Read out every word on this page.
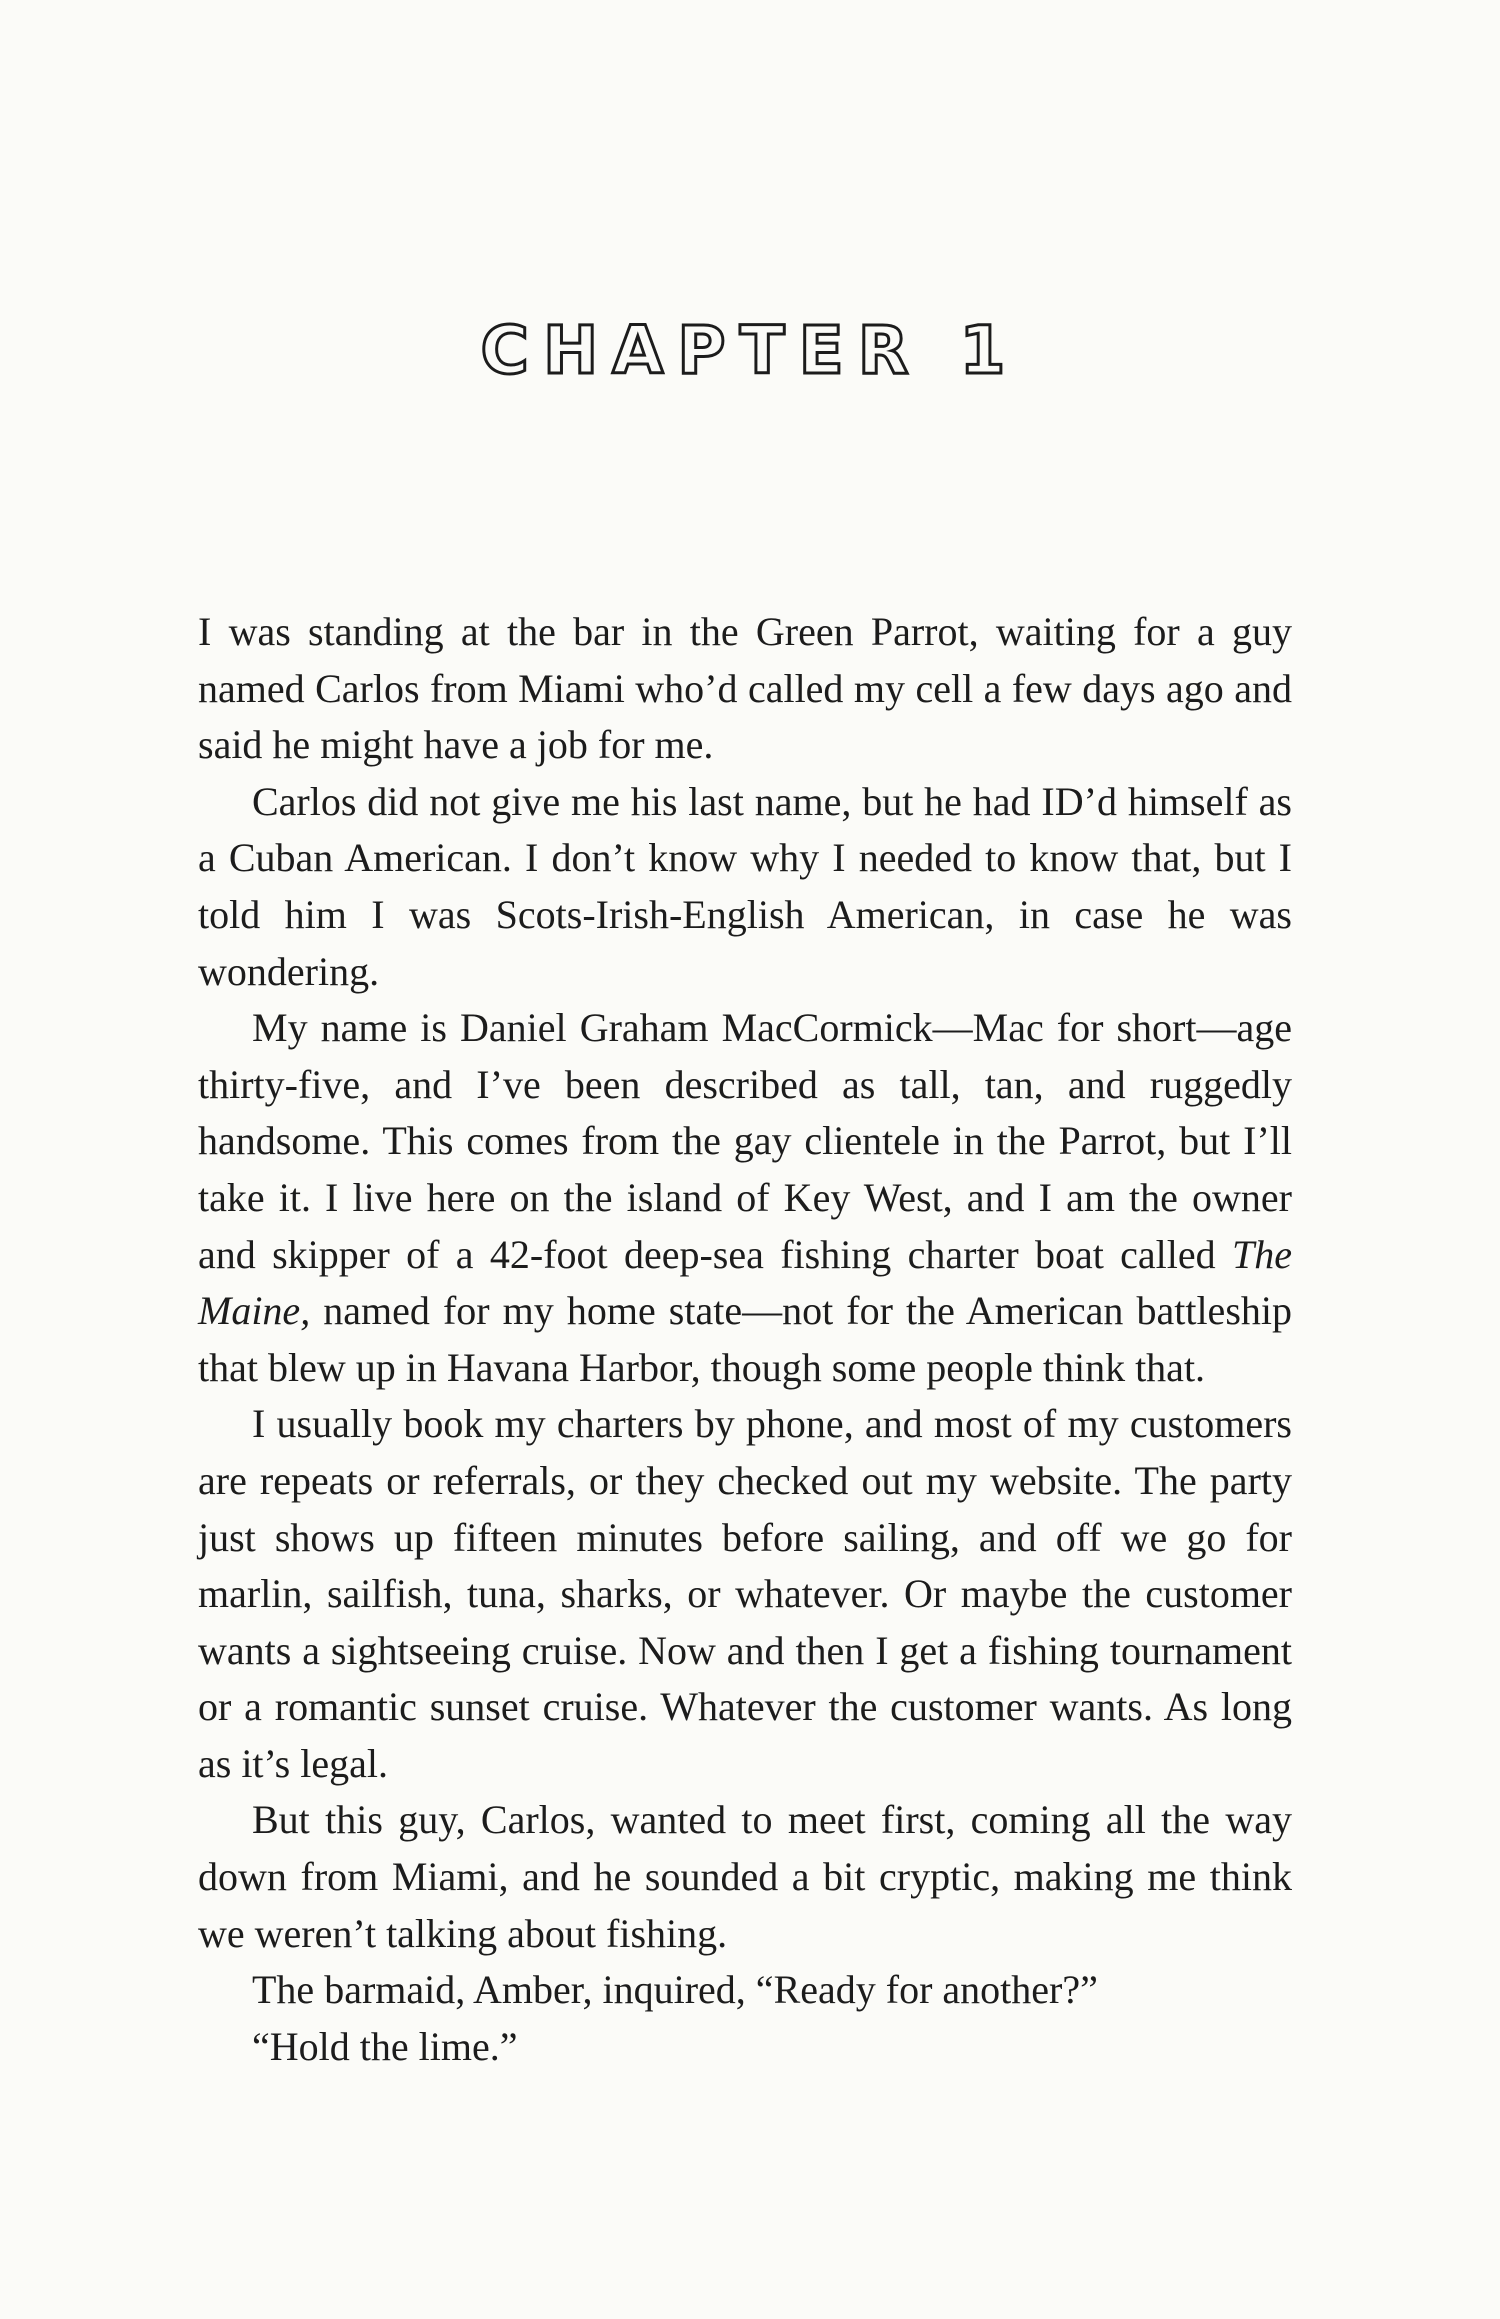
CHAPTER 1

I was standing at the bar in the Green Parrot, waiting for a guy named Carlos from Miami who’d called my cell a few days ago and said he might have a job for me.

Carlos did not give me his last name, but he had ID’d himself as a Cuban American. I don’t know why I needed to know that, but I told him I was Scots-Irish-English American, in case he was wondering.

My name is Daniel Graham MacCormick—Mac for short—age thirty-five, and I’ve been described as tall, tan, and ruggedly handsome. This comes from the gay clientele in the Parrot, but I’ll take it. I live here on the island of Key West, and I am the owner and skipper of a 42-foot deep-sea fishing charter boat called The Maine, named for my home state—not for the American battleship that blew up in Havana Harbor, though some people think that.

I usually book my charters by phone, and most of my customers are repeats or referrals, or they checked out my website. The party just shows up fifteen minutes before sailing, and off we go for marlin, sailfish, tuna, sharks, or whatever. Or maybe the customer wants a sightseeing cruise. Now and then I get a fishing tournament or a romantic sunset cruise. Whatever the customer wants. As long as it’s legal.

But this guy, Carlos, wanted to meet first, coming all the way down from Miami, and he sounded a bit cryptic, making me think we weren’t talking about fishing.

The barmaid, Amber, inquired, “Ready for another?”

“Hold the lime.”
